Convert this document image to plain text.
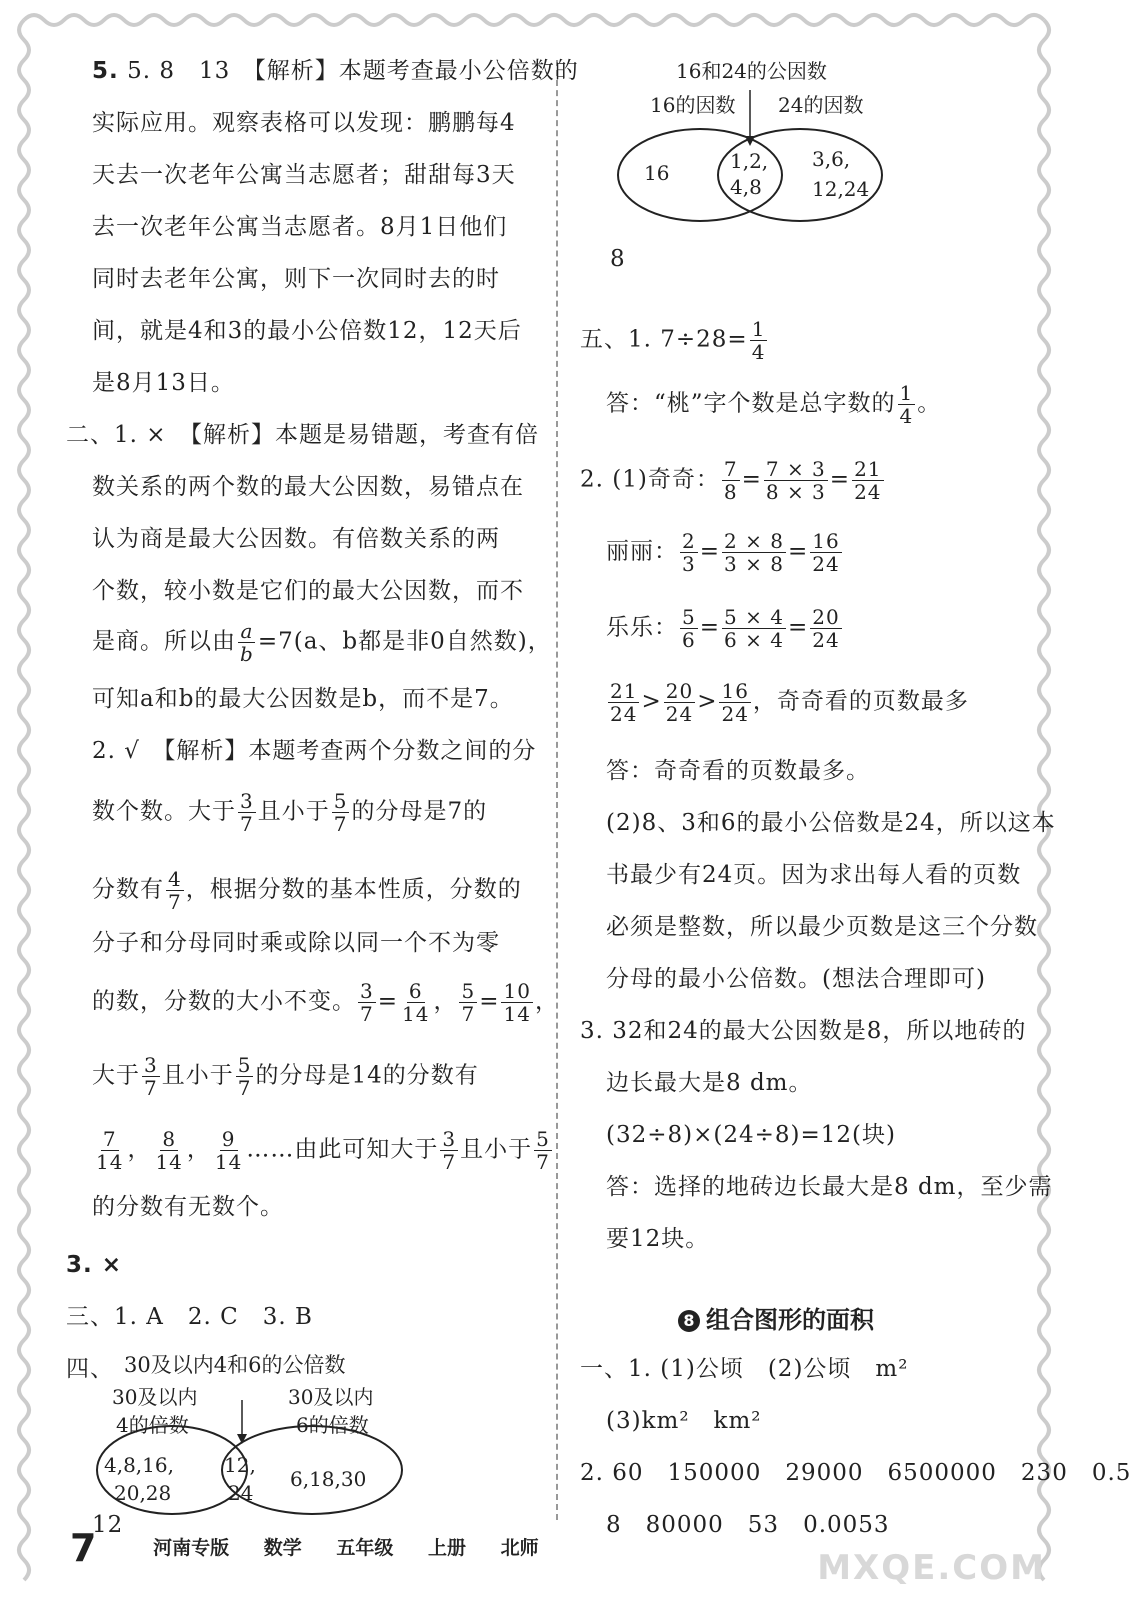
5. 5. 8　13　【解析】本题考查最小公倍数的
实际应用。观察表格可以发现：鹏鹏每4
天去一次老年公寓当志愿者；甜甜每3天
去一次老年公寓当志愿者。8月1日他们
同时去老年公寓，则下一次同时去的时
间，就是4和3的最小公倍数12，12天后
是8月13日。
二、1. ×　【解析】本题是易错题，考查有倍
数关系的两个数的最大公因数，易错点在
认为商是最大公因数。有倍数关系的两
个数，较小数是它们的最大公因数，而不
是商。所以由 $\frac{a}{b} =7(a$、b都是非0自然数)，
可知a和b的最大公因数是b，而不是7。
2. √　【解析】本题考查两个分数之间的分
数个数。大于 $\frac{3}{7}$ 且小于 $\frac{5}{7}$ 的分母是7的
分数有 $\frac{4}{7}$ ，根据分数的基本性质，分数的
分子和分母同时乘或除以同一个不为零
的数，分数的大小不变。 $\frac{3}{7} = \frac{6}{14}$ ， $\frac{5}{7} = \frac{10}{14}$ ，
大于 $\frac{3}{7}$ 且小于 $\frac{5}{7}$ 的分母是14的分数有
$\frac{7}{14}$ ， $\frac{8}{14}$ ， $\frac{9}{14}$ ……由此可知大于 $\frac{3}{7}$ 且小于 $\frac{5}{7}$
的分数有无数个。
3. ×
三、1. A　2. C　3. B
四、 30及以内4和6的公倍数
30及以内
4的倍数
30及以内
6的倍数
4,8,16,
20,28
12,
24
6,18,30
12
16和24的公因数
16的因数 24的因数
16	1,2,
4,8
3,6,
12,24
8
五、1. $7\div 28= \frac{1}{4}$
答：“桃”字个数是总字数的 $\frac{1}{4}$ 。
2. (1)奇奇： $\frac{7}{8} = \frac{7 \times 3}{8 \times 3} = \frac{21}{24}$
丽丽： $\frac{2}{3} = \frac{2 \times 8}{3 \times 8} = \frac{16}{24}$
乐乐： $\frac{5}{6} = \frac{5 \times 4}{6 \times 4} = \frac{20}{24}$
$\frac{21}{24} > \frac{20}{24} > \frac{16}{24}$ ，奇奇看的页数最多
答：奇奇看的页数最多。
(2)8、3和6的最小公倍数是24，所以这本
书最少有24页。因为求出每人看的页数
必须是整数，所以最少页数是这三个分数
分母的最小公倍数。(想法合理即可)
3. 32和24的最大公因数是8，所以地砖的
边长最大是8 dm。
(32÷8)×(24÷8)=12(块)
答：选择的地砖边长最大是8 dm，至少需
要12块。
8 组合图形的面积
一、1. (1)公顷　(2)公顷　m²
(3)km²　km²
2. 60　150000　29000　6500000　230　0.5
8　80000　53　0.0053
7	河南专版 数学 五年级 上册 北师
MXQE.COM
